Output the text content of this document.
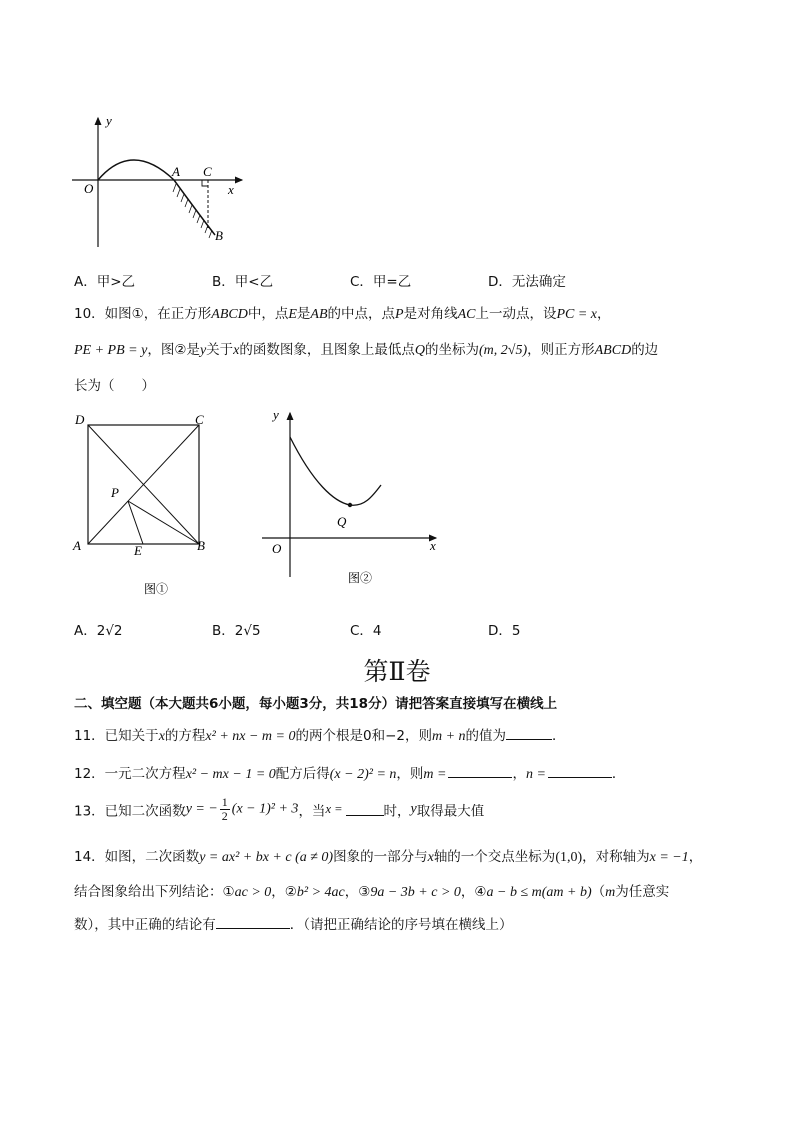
y
O
A C
x
B
A．甲>乙	B．甲<乙	C．甲=乙	D．无法确定
10．如图①，在正方形ABCD中，点E是AB的中点，点P是对角线AC上一动点，设PC = x，
PE + PB = y，图②是y关于x的函数图象，且图象上最低点Q的坐标为(m, 2√5)，则正方形ABCD的边
长为（　　）
D	C
P
A	E	B
图①
y
Q
O	x
图②
A．2√2	B．2√5	C．4	D．5
第Ⅱ卷
二、填空题（本大题共6小题，每小题3分，共18分）请把答案直接填写在横线上
11．已知关于x的方程x² + nx − m = 0的两个根是0和−2，则m + n的值为	．
12．一元二次方程x² − mx − 1 = 0配方后得(x − 2)² = n，则m =	，n =	．
13．已知二次函数y = − $\frac{1}{2} (x - 1)^2 + 3$，当x =	时，y取得最大值
14．如图，二次函数y = ax² + bx + c (a ≠ 0)图象的一部分与x轴的一个交点坐标为(1,0)，对称轴为x = −1，
结合图象给出下列结论：①ac > 0，②b² > 4ac，③9a − 3b + c > 0，④a − b ≤ m(am + b)（m为任意实
数），其中正确的结论有	．（请把正确结论的序号填在横线上）
